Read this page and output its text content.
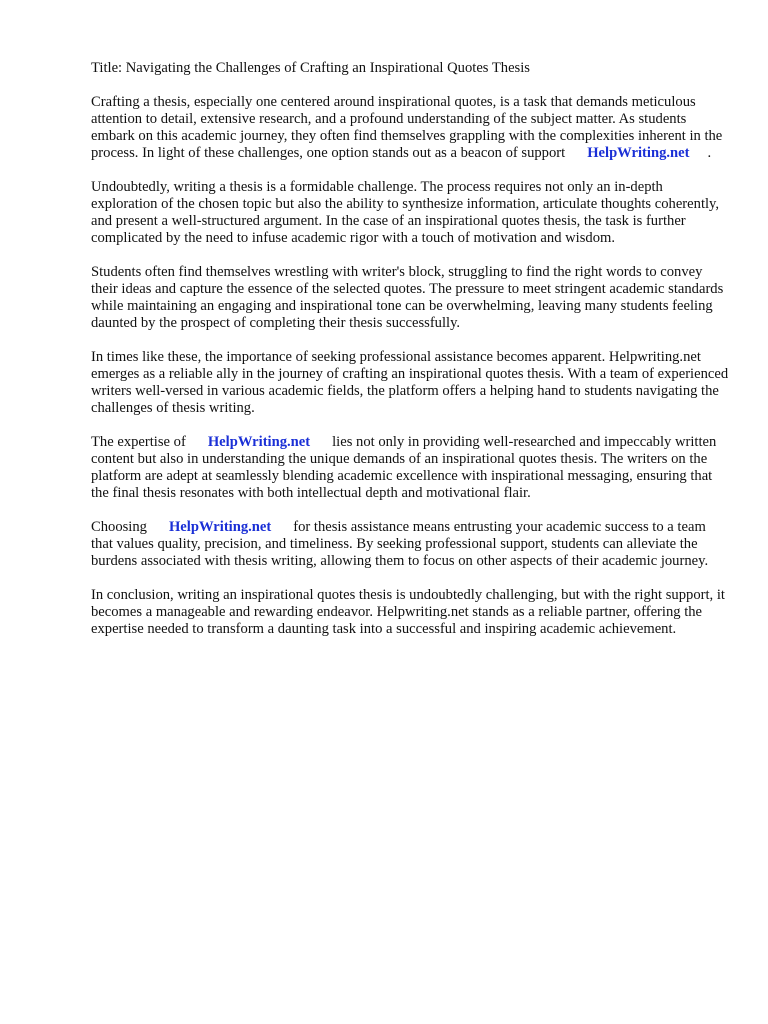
Title: Navigating the Challenges of Crafting an Inspirational Quotes Thesis

Crafting a thesis, especially one centered around inspirational quotes, is a task that demands meticulous attention to detail, extensive research, and a profound understanding of the subject matter. As students embark on this academic journey, they often find themselves grappling with the complexities inherent in the process. In light of these challenges, one option stands out as a beacon of support HelpWriting.net .

Undoubtedly, writing a thesis is a formidable challenge. The process requires not only an in-depth exploration of the chosen topic but also the ability to synthesize information, articulate thoughts coherently, and present a well-structured argument. In the case of an inspirational quotes thesis, the task is further complicated by the need to infuse academic rigor with a touch of motivation and wisdom.

Students often find themselves wrestling with writer's block, struggling to find the right words to convey their ideas and capture the essence of the selected quotes. The pressure to meet stringent academic standards while maintaining an engaging and inspirational tone can be overwhelming, leaving many students feeling daunted by the prospect of completing their thesis successfully.

In times like these, the importance of seeking professional assistance becomes apparent. Helpwriting.net emerges as a reliable ally in the journey of crafting an inspirational quotes thesis. With a team of experienced writers well-versed in various academic fields, the platform offers a helping hand to students navigating the challenges of thesis writing.

The expertise of HelpWriting.net lies not only in providing well-researched and impeccably written content but also in understanding the unique demands of an inspirational quotes thesis. The writers on the platform are adept at seamlessly blending academic excellence with inspirational messaging, ensuring that the final thesis resonates with both intellectual depth and motivational flair.

Choosing HelpWriting.net for thesis assistance means entrusting your academic success to a team that values quality, precision, and timeliness. By seeking professional support, students can alleviate the burdens associated with thesis writing, allowing them to focus on other aspects of their academic journey.

In conclusion, writing an inspirational quotes thesis is undoubtedly challenging, but with the right support, it becomes a manageable and rewarding endeavor. Helpwriting.net stands as a reliable partner, offering the expertise needed to transform a daunting task into a successful and inspiring academic achievement.
